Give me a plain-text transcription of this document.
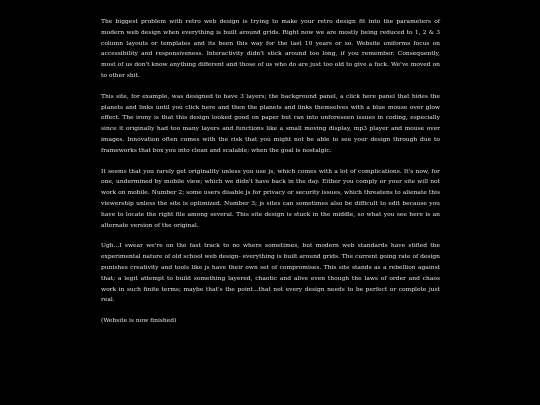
The biggest problem with retro web design is trying to make your retro design fit into the parameters of modern web design when everything is built around grids. Right now we are mostly being reduced to 1, 2 & 3 column layouts or templates and its been this way for the last 10 years or so. Website uniforms focus on accessibility and responsiveness. Interactivity didn't stick around too long, if you remember. Consequently, most of us don't know anything different and those of us who do are just too old to give a fuck. We've moved on to other shit.

This site, for example, was designed to have 3 layers; the background panel, a click here panel that hides the planets and links until you click here and then the planets and links themselves with a blue mouse over glow effect. The irony is that this design looked good on paper but ran into unforeseen issues in coding, especially since it originally had too many layers and functions like a small moving display, mp3 player and mouse over images. Innovation often comes with the risk that you might not be able to see your design through due to frameworks that box you into clean and scalable; when the goal is nostalgic.

It seems that you rarely get originality unless you use js, which comes with a lot of complications. It's now, for one, undermined by mobile view; which we didn't have back in the day. Either you comply or your site will not work on mobile. Number 2; some users disable js for privacy or security issues, which threatens to alienate this viewership unless the site is optimized. Number 3; js sites can sometimes also be difficult to edit because you have to locate the right file among several. This site design is stuck in the middle, so what you see here is an alternate version of the original.

Ugh...I swear we're on the fast track to no where sometimes, but modern web standards have stifled the experimental nature of old school web design- everything is built around grids. The current going rate of design punishes creativity and tools like js have their own set of compromises. This site stands as a rebellion against that; a legit attempt to build something layered, chaotic and alive even though the laws of order and chaos work in such finite terms; maybe that's the point...that not every design needs to be perfect or complete just real.

(Website is now finished)
